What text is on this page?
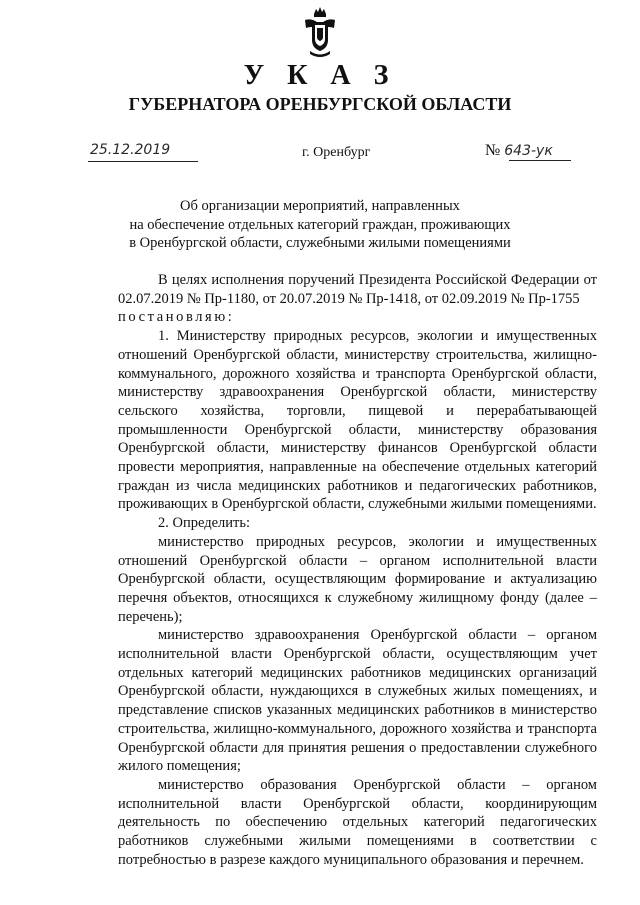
У К А З
ГУБЕРНАТОРА ОРЕНБУРГСКОЙ ОБЛАСТИ
25.12.2019	г. Оренбург	№ 643-ук
Об организации мероприятий, направленных
на обеспечение отдельных категорий граждан, проживающих
в Оренбургской области, служебными жилыми помещениями

В целях исполнения поручений Президента Российской Федерации от 02.07.2019 № Пр-1180, от 20.07.2019 № Пр-1418, от 02.09.2019 № Пр-1755

постановляю:

1. Министерству природных ресурсов, экологии и имущественных отношений Оренбургской области, министерству строительства, жилищно-коммунального, дорожного хозяйства и транспорта Оренбургской области, министерству здравоохранения Оренбургской области, министерству сельского хозяйства, торговли, пищевой и перерабатывающей промышленности Оренбургской области, министерству образования Оренбургской области, министерству финансов Оренбургской области провести мероприятия, направленные на обеспечение отдельных категорий граждан из числа медицинских работников и педагогических работников, проживающих в Оренбургской области, служебными жилыми помещениями.

2. Определить:

министерство природных ресурсов, экологии и имущественных отношений Оренбургской области – органом исполнительной власти Оренбургской области, осуществляющим формирование и актуализацию перечня объектов, относящихся к служебному жилищному фонду (далее – перечень);

министерство здравоохранения Оренбургской области – органом исполнительной власти Оренбургской области, осуществляющим учет отдельных категорий медицинских работников медицинских организаций Оренбургской области, нуждающихся в служебных жилых помещениях, и представление списков указанных медицинских работников в министерство строительства, жилищно-коммунального, дорожного хозяйства и транспорта Оренбургской области для принятия решения о предоставлении служебного жилого помещения;

министерство образования Оренбургской области – органом исполнительной власти Оренбургской области, координирующим деятельность по обеспечению отдельных категорий педагогических работников служебными жилыми помещениями в соответствии с потребностью в разрезе каждого муниципального образования и перечнем.
